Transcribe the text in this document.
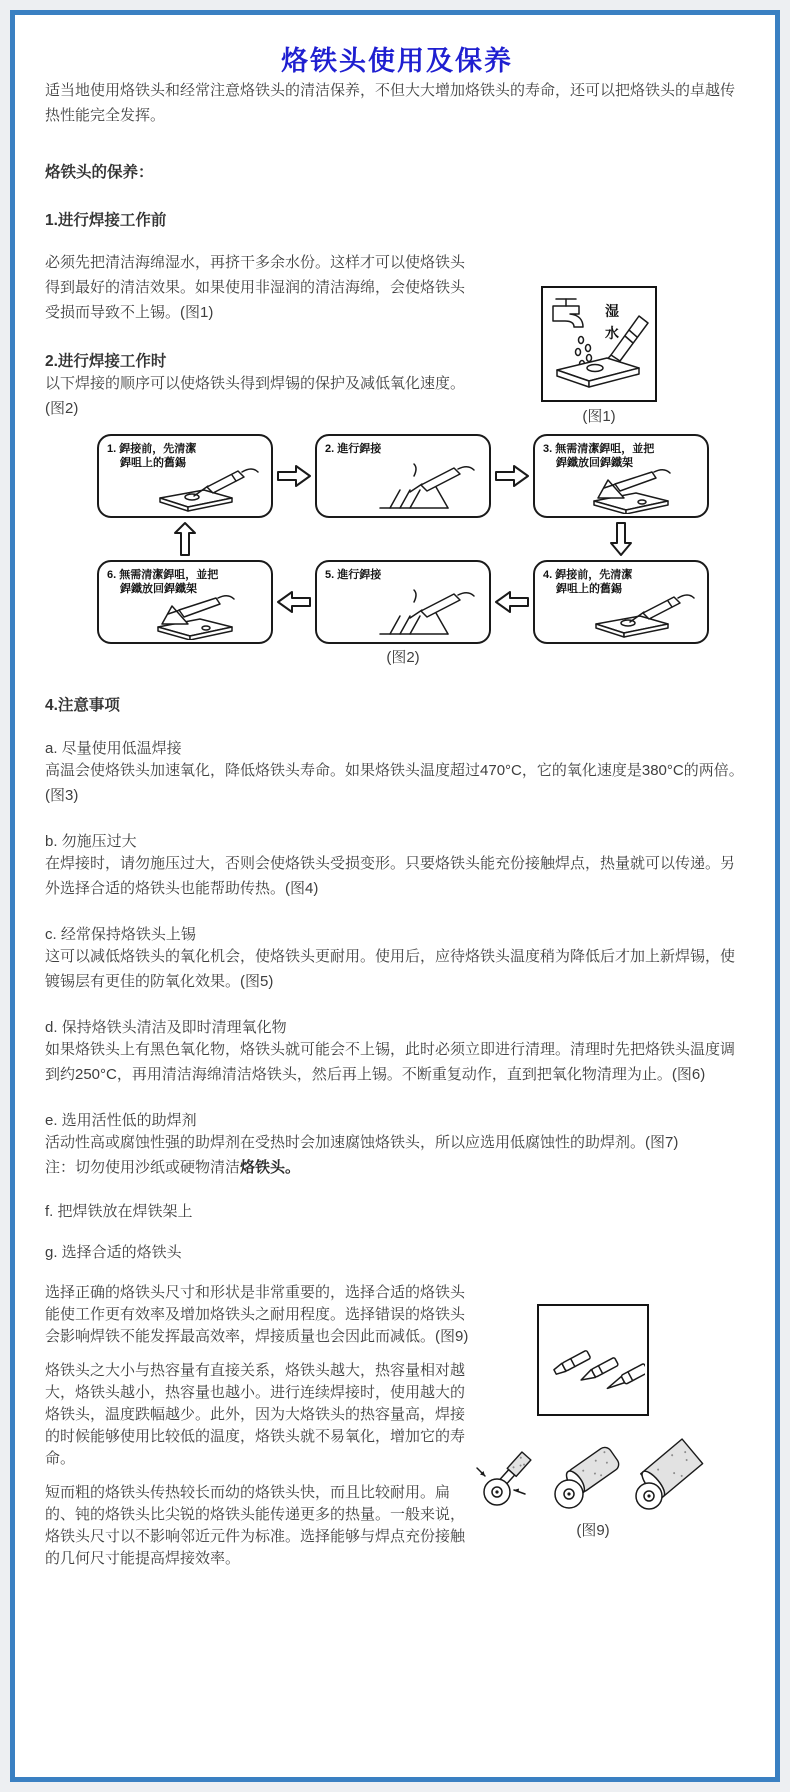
烙铁头使用及保养

适当地使用烙铁头和经常注意烙铁头的清洁保养，不但大大增加烙铁头的寿命，还可以把烙铁头的卓越传热性能完全发挥。

烙铁头的保养：

1.进行焊接工作前

必须先把清洁海绵湿水，再挤干多余水份。这样才可以使烙铁头得到最好的清洁效果。如果使用非湿润的清洁海绵，会使烙铁头受损而导致不上锡。(图1)

2.进行焊接工作时

以下焊接的顺序可以使烙铁头得到焊锡的保护及减低氧化速度。(图2)

湿
水
(图1)
1. 銲接前，先清潔
銲咀上的舊錫
2. 進行銲接	3. 無需清潔銲咀，並把
銲鐵放回銲鐵架
6. 無需清潔銲咀，並把
銲鐵放回銲鐵架
5. 進行銲接	4. 銲接前，先清潔
銲咀上的舊錫
(图2)

4.注意事项

a. 尽量使用低温焊接

高温会使烙铁头加速氧化，降低烙铁头寿命。如果烙铁头温度超过470°C，它的氧化速度是380°C的两倍。(图3)

b. 勿施压过大

在焊接时，请勿施压过大，否则会使烙铁头受损变形。只要烙铁头能充份接触焊点，热量就可以传递。另外选择合适的烙铁头也能帮助传热。(图4)

c. 经常保持烙铁头上锡

这可以减低烙铁头的氧化机会，使烙铁头更耐用。使用后，应待烙铁头温度稍为降低后才加上新焊锡，使镀锡层有更佳的防氧化效果。(图5)

d. 保持烙铁头清洁及即时清理氧化物

如果烙铁头上有黑色氧化物，烙铁头就可能会不上锡，此时必须立即进行清理。清理时先把烙铁头温度调到约250°C，再用清洁海绵清洁烙铁头，然后再上锡。不断重复动作，直到把氧化物清理为止。(图6)

e. 选用活性低的助焊剂

活动性高或腐蚀性强的助焊剂在受热时会加速腐蚀烙铁头，所以应选用低腐蚀性的助焊剂。(图7)

注：切勿使用沙纸或硬物清洁烙铁头。

f. 把焊铁放在焊铁架上

g. 选择合适的烙铁头

选择正确的烙铁头尺寸和形状是非常重要的，选择合适的烙铁头能使工作更有效率及增加烙铁头之耐用程度。选择错误的烙铁头会影响焊铁不能发挥最高效率，焊接质量也会因此而减低。(图9)

烙铁头之大小与热容量有直接关系，烙铁头越大，热容量相对越大，烙铁头越小，热容量也越小。进行连续焊接时，使用越大的烙铁头，温度跌幅越少。此外，因为大烙铁头的热容量高，焊接的时候能够使用比较低的温度，烙铁头就不易氧化，增加它的寿命。

短而粗的烙铁头传热较长而幼的烙铁头快，而且比较耐用。扁的、钝的烙铁头比尖锐的烙铁头能传递更多的热量。一般来说，烙铁头尺寸以不影响邻近元件为标准。选择能够与焊点充份接触的几何尺寸能提高焊接效率。

(图9)
